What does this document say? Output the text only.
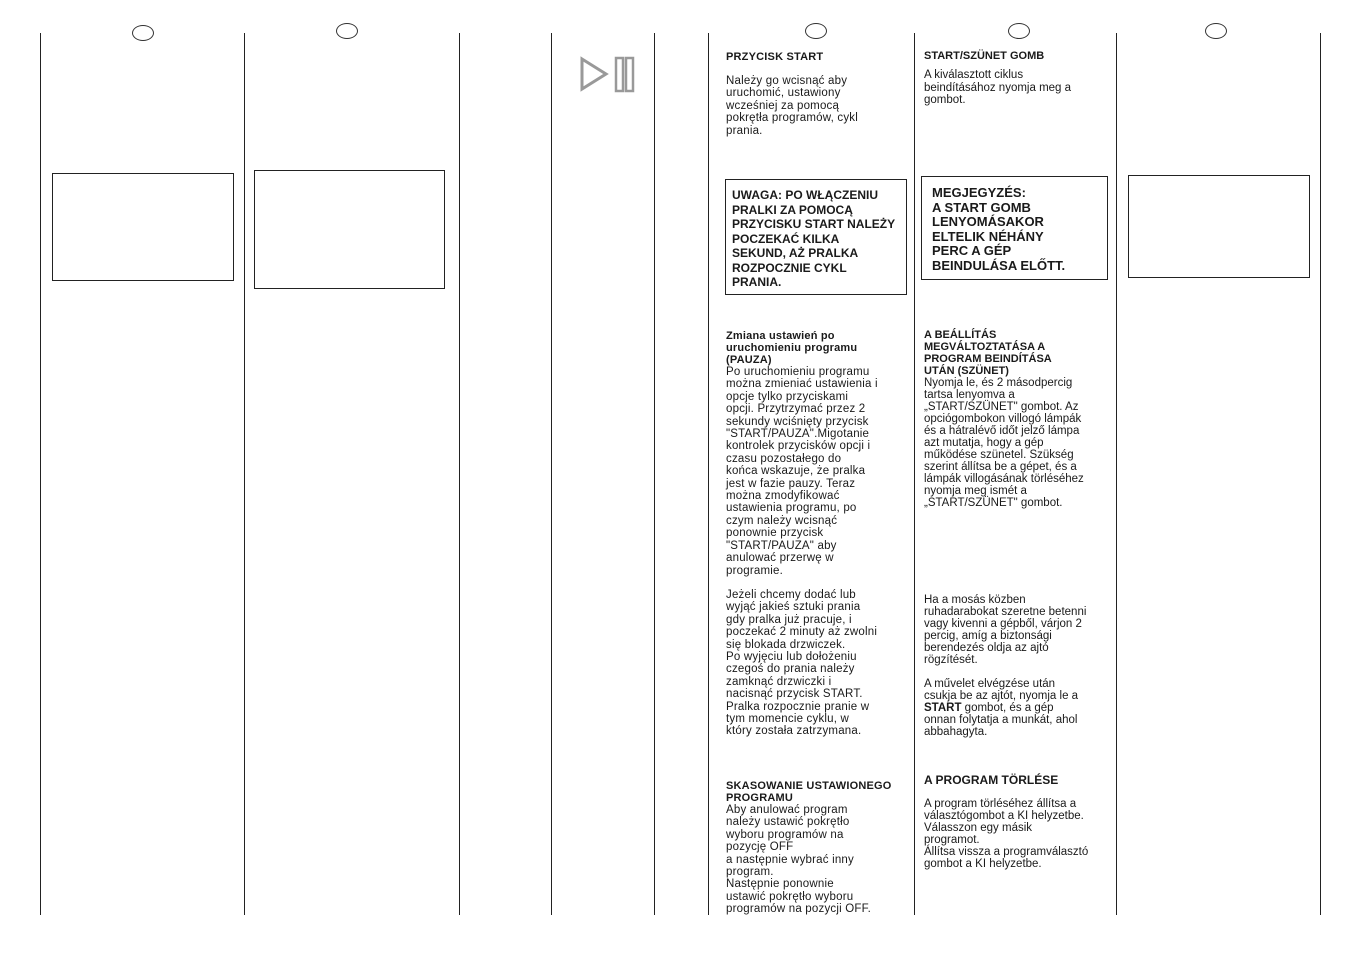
PRZYCISK START

Należy go wcisnąć aby
uruchomić, ustawiony
wcześniej za pomocą
pokrętła programów, cykl
prania.

UWAGA: PO WŁĄCZENIU
PRALKI ZA POMOCĄ
PRZYCISKU START NALEŻY
POCZEKAĆ KILKA
SEKUND, AŻ PRALKA
ROZPOCZNIE CYKL
PRANIA.

Zmiana ustawień po
uruchomieniu programu
(PAUZA)

Po uruchomieniu programu
można zmieniać ustawienia i
opcje tylko przyciskami
opcji. Przytrzymać przez 2
sekundy wciśnięty przycisk
"START/PAUZA".Migotanie
kontrolek przycisków opcji i
czasu pozostałego do
końca wskazuje, że pralka
jest w fazie pauzy. Teraz
można zmodyfikować
ustawienia programu, po
czym należy wcisnąć
ponownie przycisk
"START/PAUZA" aby
anulować przerwę w
programie.

Jeżeli chcemy dodać lub
wyjąć jakieś sztuki prania
gdy pralka już pracuje, i
poczekać 2 minuty aż zwolni
się blokada drzwiczek.
Po wyjęciu lub dołożeniu
czegoś do prania należy
zamknąć drzwiczki i
nacisnąć przycisk START.
Pralka rozpocznie pranie w
tym momencie cyklu, w
który została zatrzymana.

SKASOWANIE USTAWIONEGO
PROGRAMU

Aby anulować program
należy ustawić pokrętło
wyboru programów na
pozycję OFF
a następnie wybrać inny
program.
Następnie ponownie
ustawić pokrętło wyboru
programów na pozycji OFF.

START/SZÜNET GOMB

A kiválasztott ciklus
beindításához nyomja meg a
gombot.

MEGJEGYZÉS:
A START GOMB
LENYOMÁSAKOR
ELTELIK NÉHÁNY
PERC A GÉP
BEINDULÁSA ELŐTT.

A BEÁLLÍTÁS
MEGVÁLTOZTATÁSA A
PROGRAM BEINDÍTÁSA
UTÁN (SZÜNET)

Nyomja le, és 2 másodpercig
tartsa lenyomva a
„START/SZÜNET" gombot. Az
opciógombokon villogó lámpák
és a hátralévő időt jelző lámpa
azt mutatja, hogy a gép
működése szünetel. Szükség
szerint állítsa be a gépet, és a
lámpák villogásának törléséhez
nyomja meg ismét a
„START/SZÜNET" gombot.

Ha a mosás közben
ruhadarabokat szeretne betenni
vagy kivenni a gépből, várjon 2
percig, amíg a biztonsági
berendezés oldja az ajtó
rögzítését.

A művelet elvégzése után
csukja be az ajtót, nyomja le a
START gombot, és a gép
onnan folytatja a munkát, ahol
abbahagyta.

A PROGRAM TÖRLÉSE

A program törléséhez állítsa a
választógombot a KI helyzetbe.
Válasszon egy másik
programot.
Állítsa vissza a programválasztó
gombot a KI helyzetbe.
